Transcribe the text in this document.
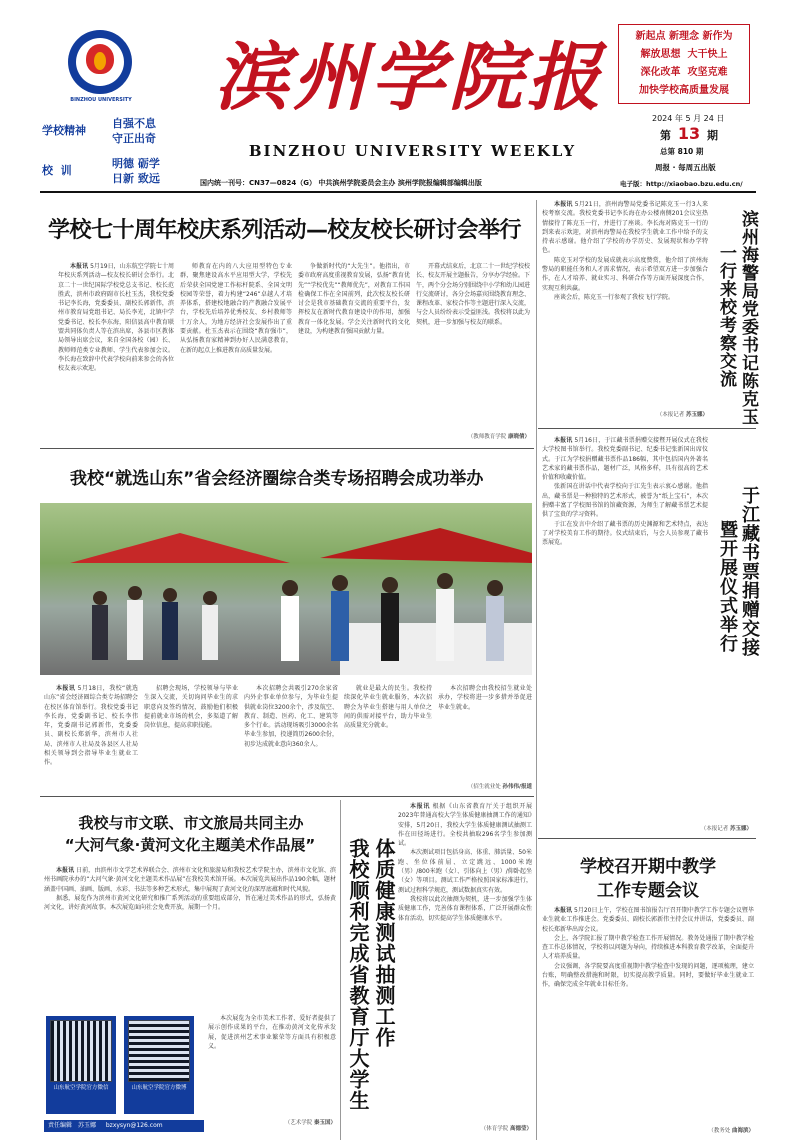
BINZHOU UNIVERSITY
学校精神
自强不息
守正出奇
校  训
明德 砺学
日新 致远
滨州学院报
BINZHOU UNIVERSITY WEEKLY
国内统一刊号：CN37—0824（G） 中共滨州学院委员会主办 滨州学院报编辑部编辑出版
新起点 新理念 新作为
解放思想  大干快上
深化改革  攻坚克难
加快学校高质量发展
2024 年 5 月 24 日
第 13 期
总第 810 期
周报 · 每周五出版
电子版：http://xiaobao.bzu.edu.cn/
学校七十周年校庆系列活动—校友校长研讨会举行

本报讯 5月19日，山东航空学院七十周年校庆系列活动—校友校长研讨会举行。北京二十一世纪国际学校党总支书记、校长范胜武，滨州市政府副市长杜玉杰，我校党委书记李长海，党委委员、副校长郭新伟，滨州市教育局党组书记、局长李光，北镇中学党委书记、校长李东海，阳信县高中教育联盟共同体负责人等在滨出席，各县市区教体局领导出席会议，来自全国各校（园）长、教师师范类专业教师、学生代表参加会议。李长海在致辞中代表学校向前来参会的各位校友表示欢迎。

师教育在内的八大应用型特色专业群，聚焦建设高水平应用型大学，学校先后荣获全国党建工作标杆院系、全国文明校园等荣誉，着力构建“246”卓越人才培养体系，搭建校地融合的产教融合发展平台，学校先后培养优秀校友、乡村教师等十万余人，为地方经济社会发展作出了重要贡献。杜玉杰表示在围绕“教育强市”，从弘扬教育家精神到办好人民满意教育，在新的起点上推进教育高质量发展。

争做新时代的“大先生”。他指出，市委市政府高度重视教育发展，弘扬“教育优先”“学校优先”“教师优先”，对教育工作国检确保工作在全国前列，此次校友校长研讨会是我市基础教育交流的重要平台，发挥校友在新时代教育建设中的作用，加强教育一体化发展。学会关注新时代的文化建设，为构建教育强国贡献力量。

开幕式结束后，北京二十一世纪学校校长、校友开展主题报告，分享办学经验。下午，两个分会场分别围绕中小学和幼儿园进行交流研讨，各分会场嘉宾围绕教育理念、课程改革、家校合作等主题进行深入交流，与会人员纷纷表示受益匪浅。我校将以此为契机，进一步加强与校友的联系。

（教师教育学院 康晓倩）
我校“就选山东”省会经济圈综合类专场招聘会成功举办

本报讯 5月18日，我校“就选山东”省会经济圈综合类专场招聘会在校区体育馆举行。我校党委书记李长海，党委副书记、校长李伟年，党委副书记郭新伟，党委委员、副校长郑新华，滨州市人社局、滨州市人社局及各县区人社局相关领导到会指导毕业生就业工作。

招聘会现场，学校领导与毕业生深入交流，关切询问毕业生的求职意向及签约情况，鼓励他们积极提前就业市场的机会，多渠道了解岗位信息，提高求职技能。

本次招聘会共吸引270余家省内外企事业单位参与，为毕业生提供就业岗位3200余个，涉及航空、教育、制造、医药、化工、建筑等多个行业。活动现场吸引3000余名毕业生参加，投递简历2600余份，初步达成就业意向360余人。

就业是最大的民生。我校持续深化毕业生就业服务，本次招聘会为毕业生搭建与用人单位之间的供需对接平台，助力毕业生高质量充分就业。

本次招聘会由我校招生就业处承办，学校将进一步多措并举促进毕业生就业。

（招生就业处 孙伟伟/报道
我校与市文联、市文旅局共同主办
“大河气象·黄河文化主题美术作品展”

本报讯 日前，由滨州市文学艺术界联合会、滨州市文化和旅游局和我校艺术学院主办，滨州市文化馆、滨州书画院承办的“大河气象·黄河文化主题美术作品展”在我校美术馆开展。本次展览共展出作品190余幅，题材涵盖中国画、油画、版画、水彩、书法等多种艺术形式，集中展现了黄河文化的深厚底蕴和时代风貌。

据悉，展览作为滨州市黄河文化研究和推广系列活动的重要组成部分，旨在通过美术作品的形式，弘扬黄河文化，讲好黄河故事。本次展览面向社会免费开放，展期一个月。

本次展览为全市美术工作者、爱好者提供了展示创作成果的平台，在推动黄河文化传承发展，促进滨州艺术事业繁荣等方面具有积极意义。

（艺术学院 秦玉国）
山东航空学院官方微信	山东航空学院官方微博
责任编辑 苏玉娜 bzxysyn@126.com
我校顺利完成省教育厅大学生 体质健康测试抽测工作

本报讯 根据《山东省教育厅关于组织开展2023年普通高校大学生体质健康抽测工作的通知》安排，5月20日，我校大学生体质健康测试抽测工作在田径场进行。全校共抽取296名学生参加测试。

本次测试项目包括身高、体重、肺活量、50米跑、坐位体前屈、立定跳远、1000米跑（男）/800米跑（女）、引体向上（男）/仰卧起坐（女）等项目。测试工作严格按照国家标准进行，测试过程科学规范，测试数据真实有效。

我校将以此次抽测为契机，进一步加强学生体质健康工作，完善体育课程体系，广泛开展群众性体育活动，切实提高学生体质健康水平。

（体育学院 高德莹）

本报讯 5月21日，滨州海警局党委书记陈克玉一行3人来校考察交流。我校党委书记李长海在办公楼南侧201会议室热情接待了陈克玉一行，并进行了座谈。李长海对陈克玉一行的到来表示欢迎，对滨州海警局在我校学生就业工作中给予的支持表示感谢。他介绍了学校的办学历史、发展现状和办学特色。

陈克玉对学校的发展成就表示高度赞赏，他介绍了滨州海警局的职能任务和人才需求情况，表示希望双方进一步加强合作，在人才培养、就业实习、科研合作等方面开展深度合作，实现互利共赢。

座谈会后，陈克玉一行参观了我校飞行学院。

（本报记者 苏玉娜） 滨州海警局党委书记陈克玉
一行来校考察交流

本报讯 5月16日，于江藏书票捐赠交接暨开展仪式在我校大学校图书馆举行。我校党委副书记、纪委书记张新国出席仪式。于江为学校捐赠藏书票作品186幅，其中包括国内外著名艺术家的藏书票作品，题材广泛，风格多样，具有很高的艺术价值和收藏价值。

张新国在讲话中代表学校向于江先生表示衷心感谢。他指出，藏书票是一种独特的艺术形式，被誉为“纸上宝石”，本次捐赠丰富了学校图书馆的馆藏资源，为师生了解藏书票艺术提供了宝贵的学习资料。

于江在发言中介绍了藏书票的历史渊源和艺术特点，表达了对学校美育工作的期待。仪式结束后，与会人员参观了藏书票展览。

（本报记者 苏玉娜）
于江藏书票捐赠交接
暨开展仪式举行
学校召开期中教学
工作专题会议

本报讯 5月20日上午，学校在图书馆报告厅召开期中教学工作专题会议暨毕业生就业工作推进会。党委委员、副校长郭新伟主持会议并讲话，党委委员、副校长郑新华出席会议。

会上，各学院汇报了期中教学检查工作开展情况。教务处通报了期中教学检查工作总体情况，学校将以问题为导向，持续推进本科教育教学改革，全面提升人才培养质量。

会议强调，各学院要高度重视期中教学检查中发现的问题，逐项梳理，建立台账，明确整改措施和时限，切实提高教学质量。同时，要做好毕业生就业工作，确保完成全年就业目标任务。

（教务处 曲海滨）
